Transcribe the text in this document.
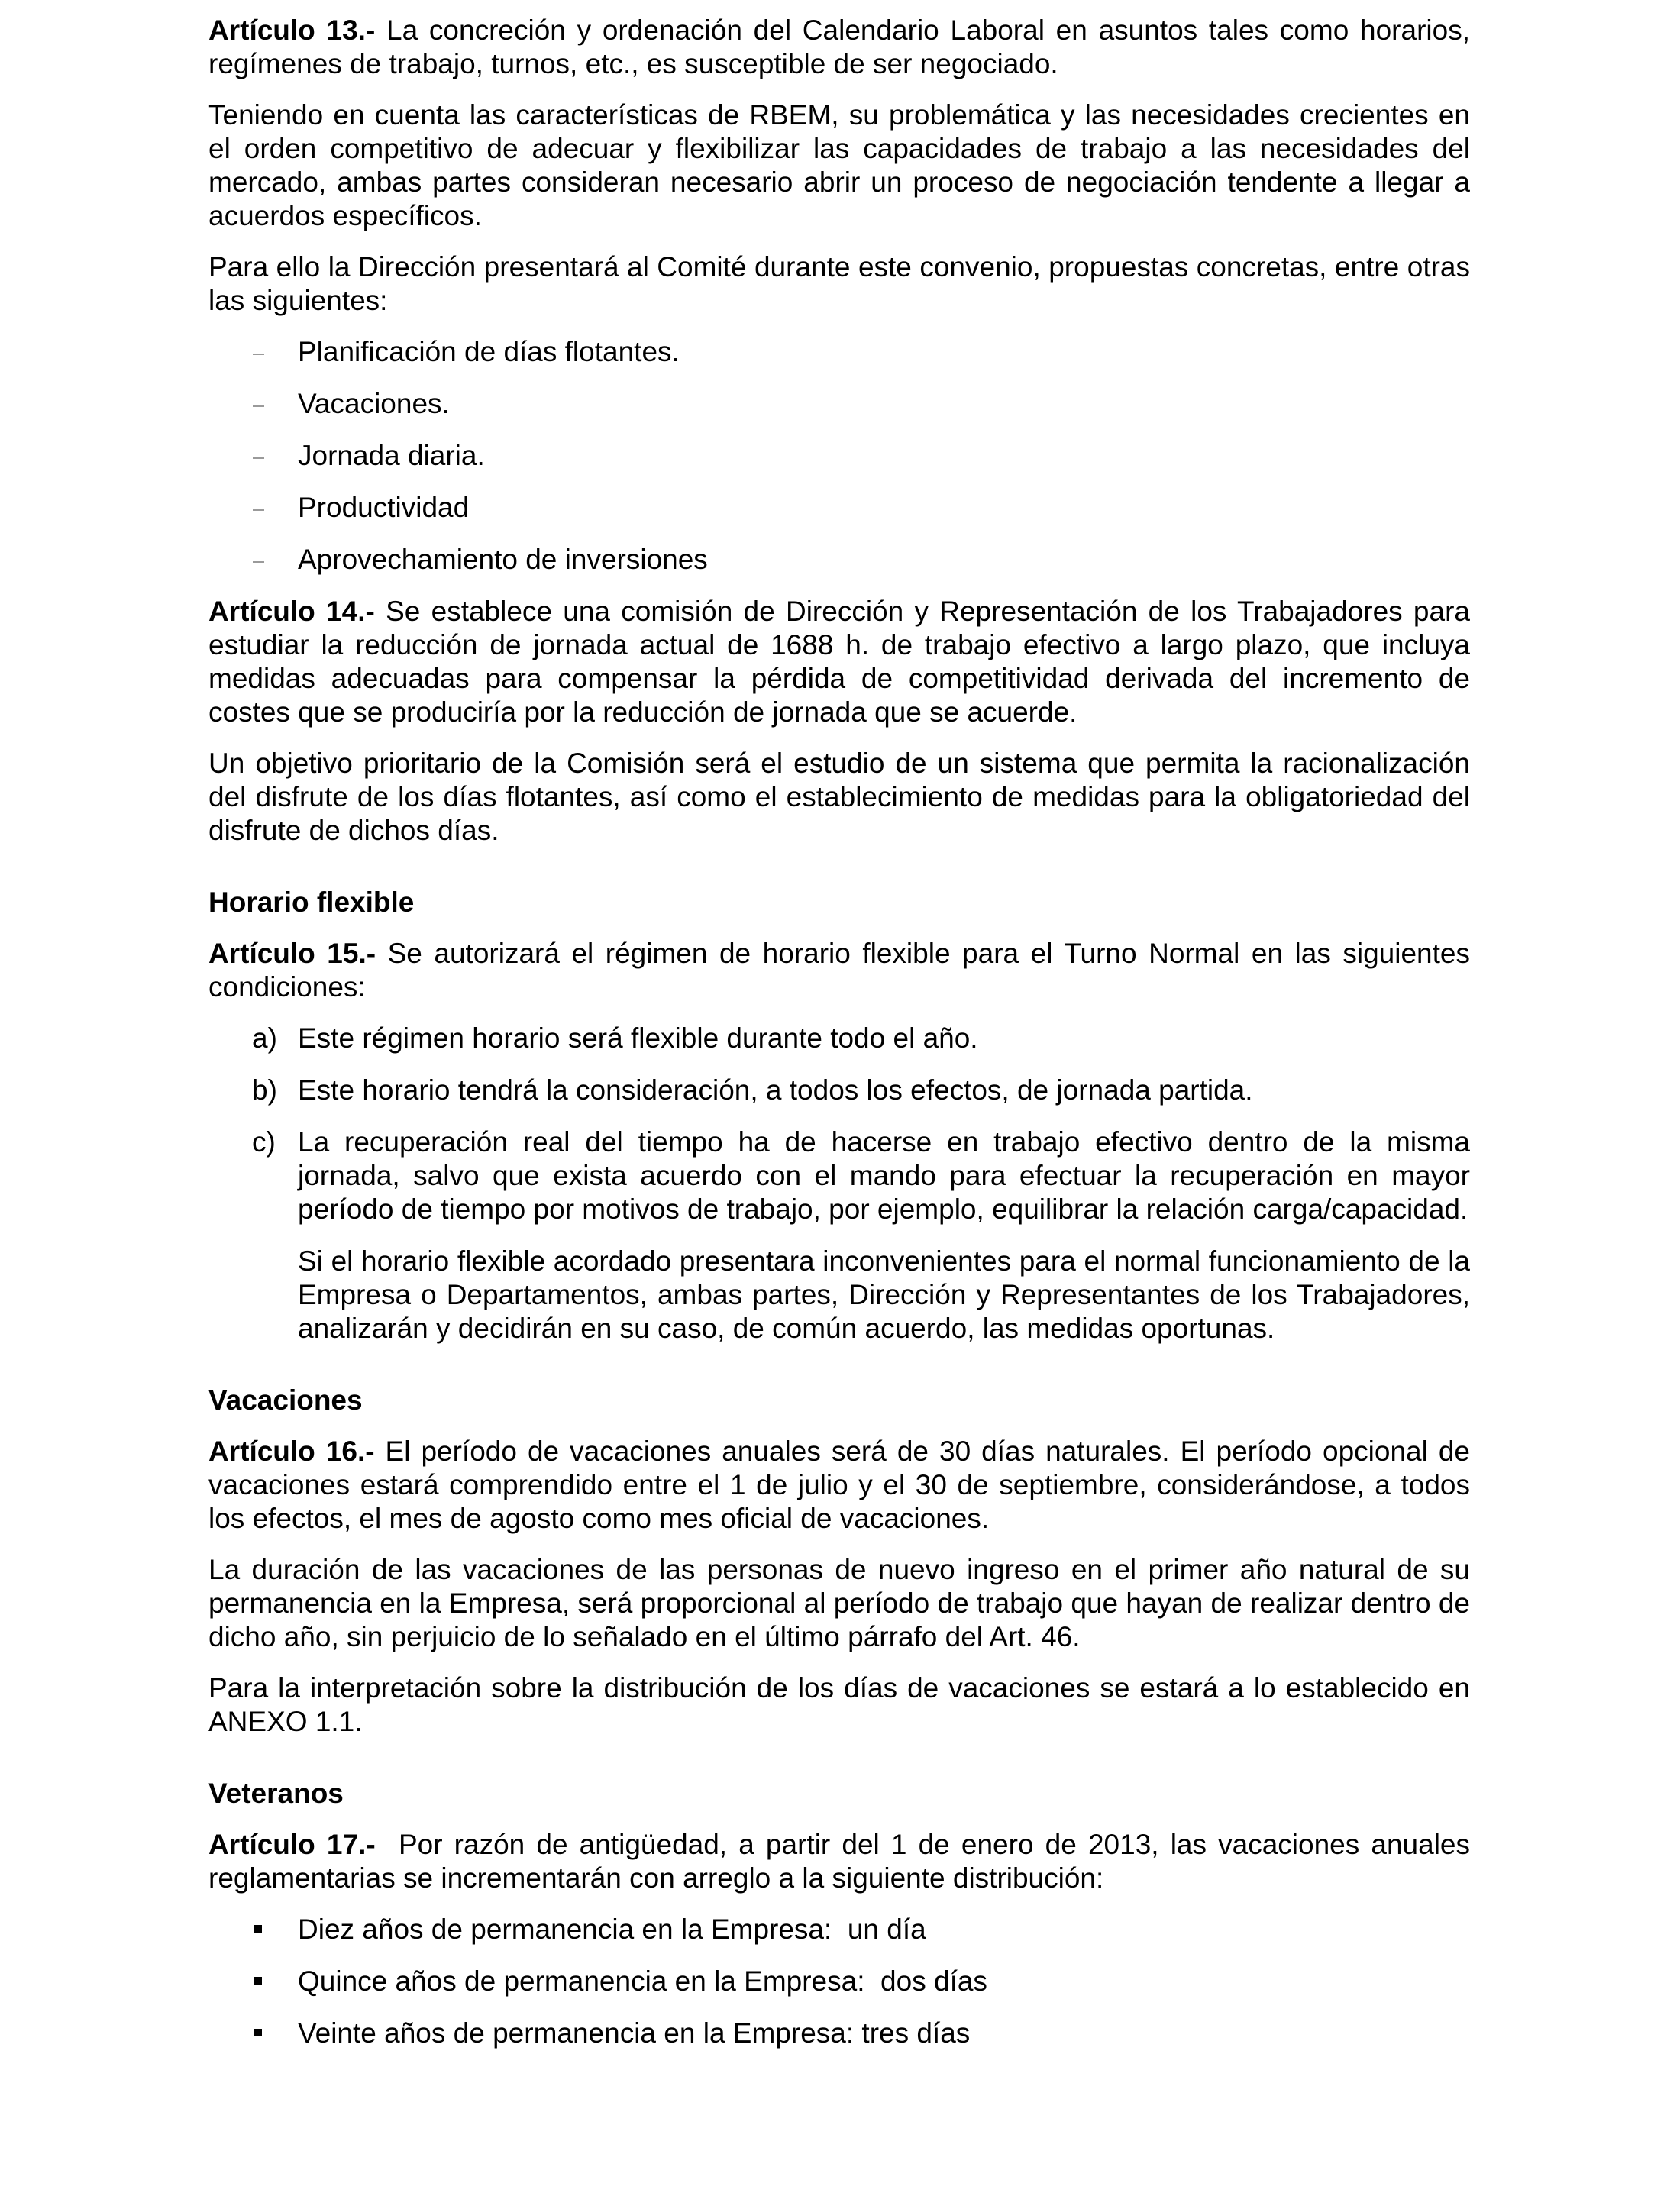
Artículo 13.- La concreción y ordenación del Calendario Laboral en asuntos tales como horarios, regímenes de trabajo, turnos, etc., es susceptible de ser negociado.

Teniendo en cuenta las características de RBEM, su problemática y las necesidades crecientes en el orden competitivo de adecuar y flexibilizar las capacidades de trabajo a las necesidades del mercado, ambas partes consideran necesario abrir un proceso de negociación tendente a llegar a acuerdos específicos.

Para ello la Dirección presentará al Comité durante este convenio, propuestas concretas, entre otras las siguientes:

Planificación de días flotantes.
Vacaciones.
Jornada diaria.
Productividad
Aprovechamiento de inversiones

Artículo 14.- Se establece una comisión de Dirección y Representación de los Trabajadores para estudiar la reducción de jornada actual de 1688 h. de trabajo efectivo a largo plazo, que incluya medidas adecuadas para compensar la pérdida de competitividad derivada del incremento de costes que se produciría por la reducción de jornada que se acuerde.

Un objetivo prioritario de la Comisión será el estudio de un sistema que permita la racionalización del disfrute de los días flotantes, así como el establecimiento de medidas para la obligatoriedad del disfrute de dichos días.

Horario flexible

Artículo 15.- Se autorizará el régimen de horario flexible para el Turno Normal en las siguientes condiciones:

a) Este régimen horario será flexible durante todo el año.
b) Este horario tendrá la consideración, a todos los efectos, de jornada partida.
c) La recuperación real del tiempo ha de hacerse en trabajo efectivo dentro de la misma jornada, salvo que exista acuerdo con el mando para efectuar la recuperación en mayor período de tiempo por motivos de trabajo, por ejemplo, equilibrar la relación carga/capacidad.

Si el horario flexible acordado presentara inconvenientes para el normal funcionamiento de la Empresa o Departamentos, ambas partes, Dirección y Representantes de los Trabajadores, analizarán y decidirán en su caso, de común acuerdo, las medidas oportunas.

Vacaciones

Artículo 16.- El período de vacaciones anuales será de 30 días naturales. El período opcional de vacaciones estará comprendido entre el 1 de julio y el 30 de septiembre, considerándose, a todos los efectos, el mes de agosto como mes oficial de vacaciones.

La duración de las vacaciones de las personas de nuevo ingreso en el primer año natural de su permanencia en la Empresa, será proporcional al período de trabajo que hayan de realizar dentro de dicho año, sin perjuicio de lo señalado en el último párrafo del Art. 46.

Para la interpretación sobre la distribución de los días de vacaciones se estará a lo establecido en ANEXO 1.1.

Veteranos

Artículo 17.-  Por razón de antigüedad, a partir del 1 de enero de 2013, las vacaciones anuales reglamentarias se incrementarán con arreglo a la siguiente distribución:

Diez años de permanencia en la Empresa:  un día
Quince años de permanencia en la Empresa:  dos días
Veinte años de permanencia en la Empresa: tres días
